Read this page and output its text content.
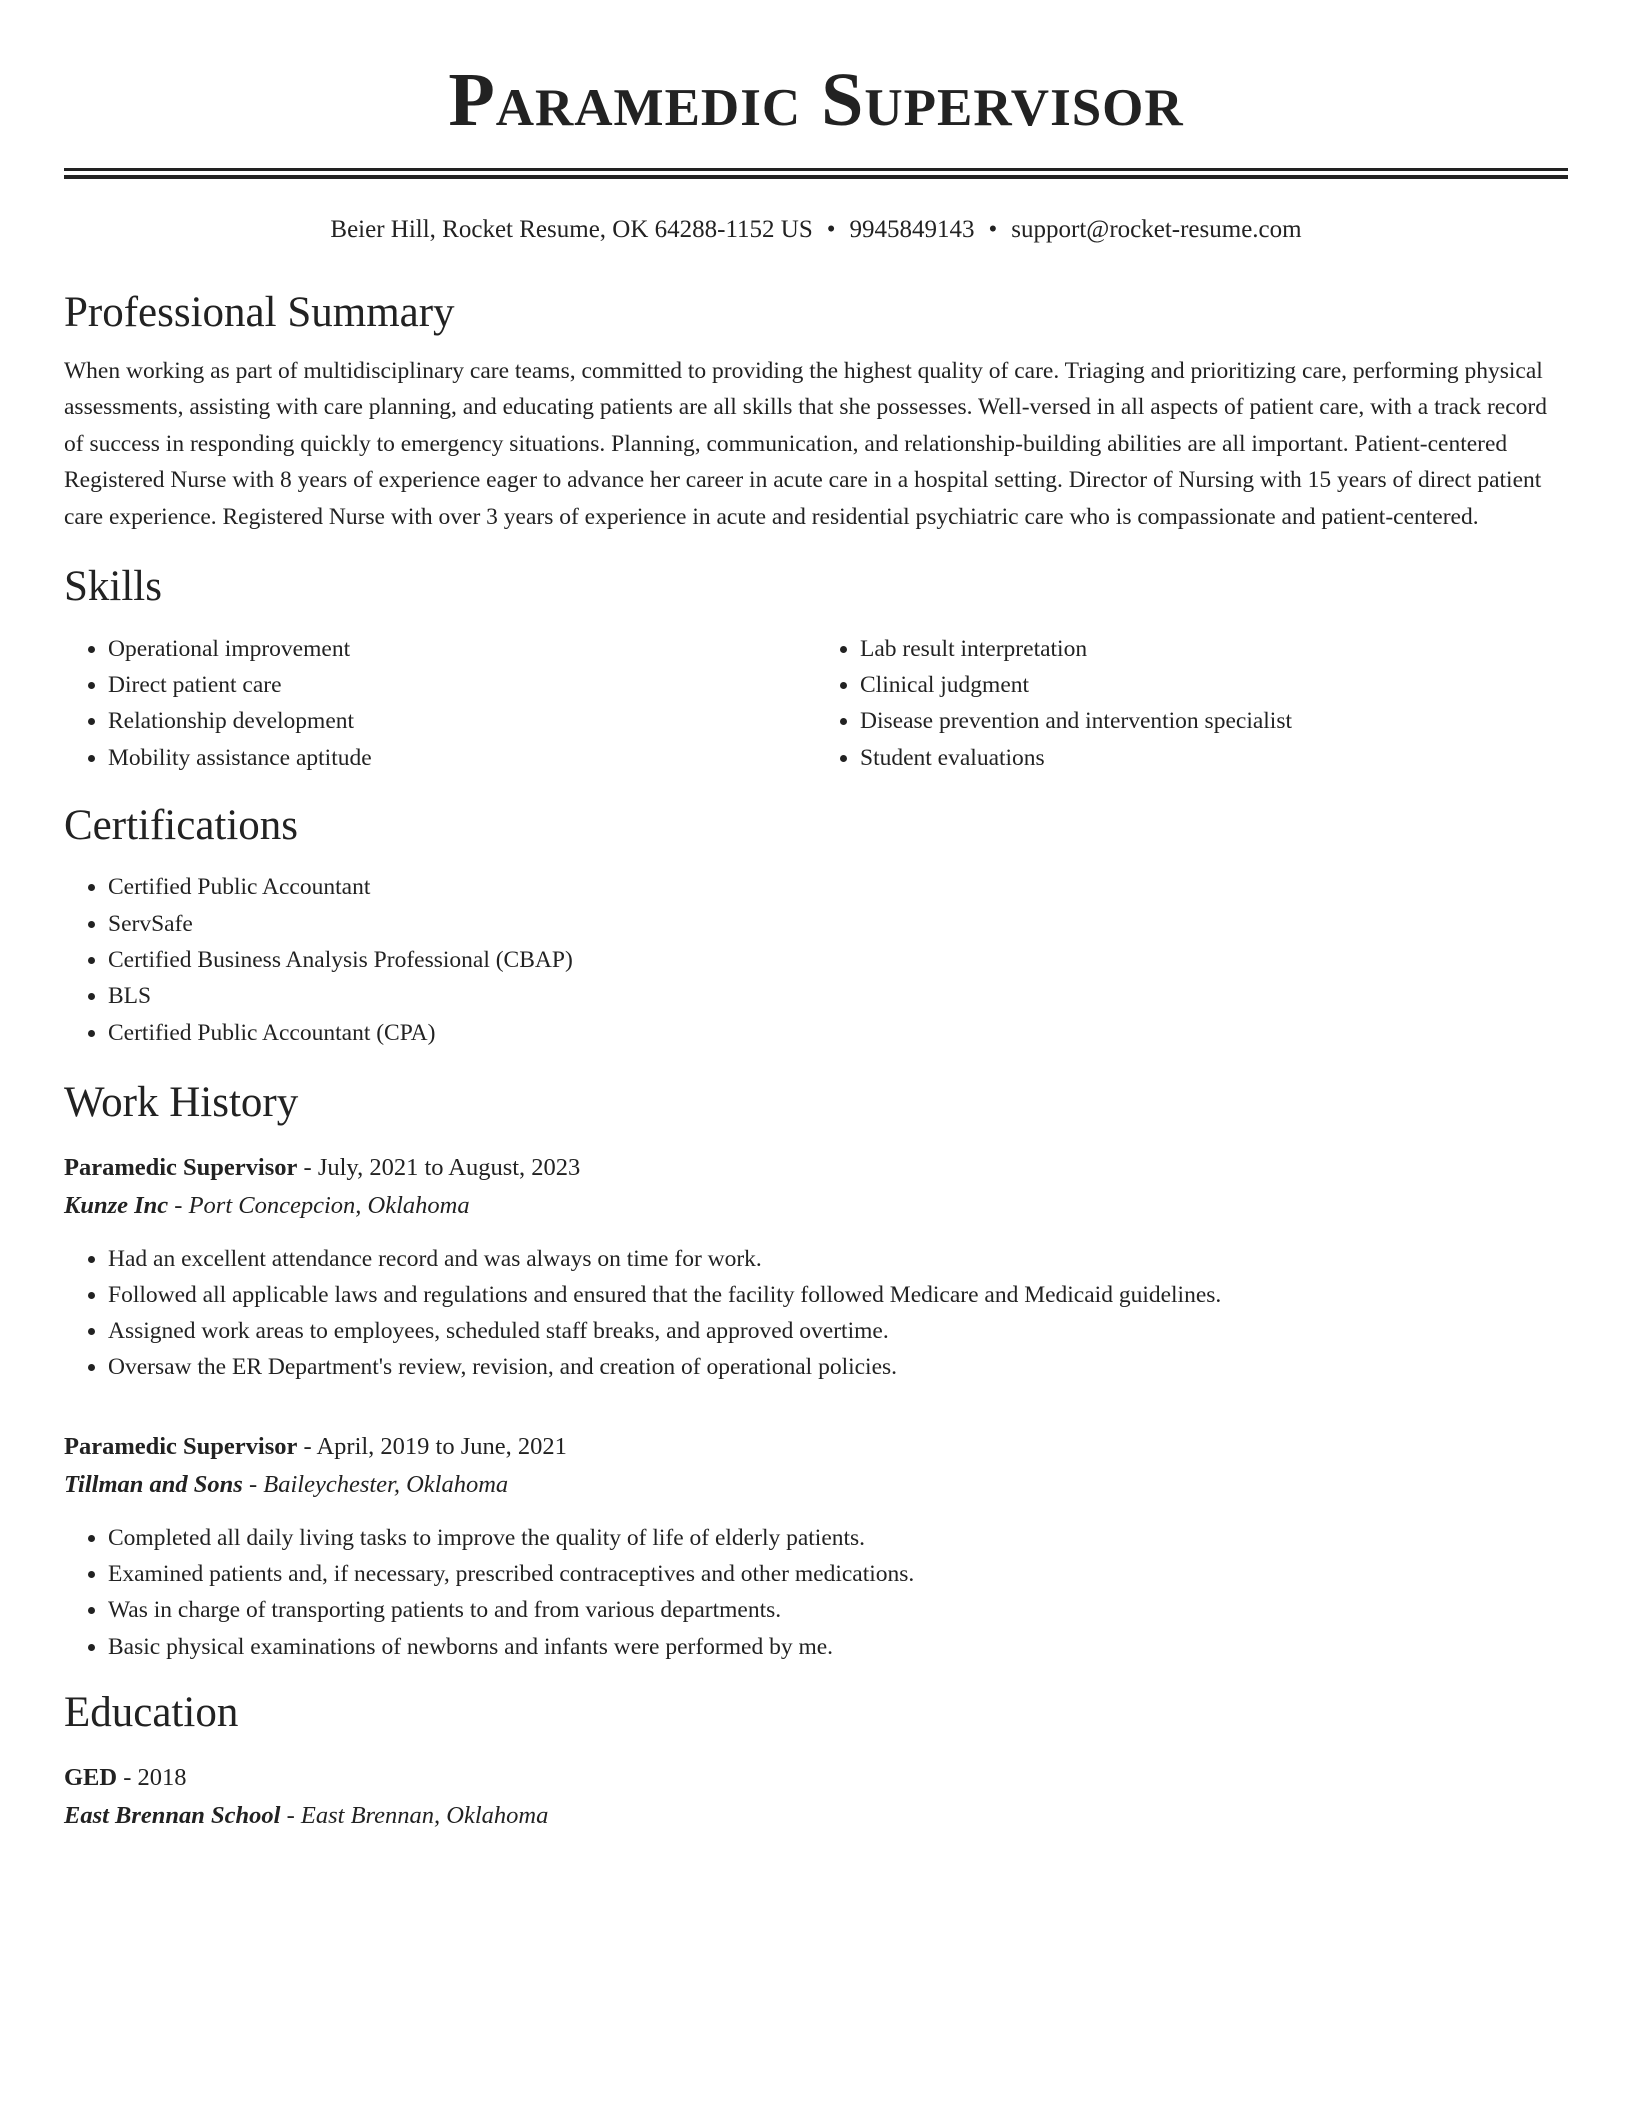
Paramedic Supervisor
Beier Hill, Rocket Resume, OK 64288-1152 US • 9945849143 • support@rocket-resume.com
Professional Summary

When working as part of multidisciplinary care teams, committed to providing the highest quality of care. Triaging and prioritizing care, performing physical assessments, assisting with care planning, and educating patients are all skills that she possesses. Well-versed in all aspects of patient care, with a track record of success in responding quickly to emergency situations. Planning, communication, and relationship-building abilities are all important. Patient-centered Registered Nurse with 8 years of experience eager to advance her career in acute care in a hospital setting. Director of Nursing with 15 years of direct patient care experience. Registered Nurse with over 3 years of experience in acute and residential psychiatric care who is compassionate and patient-centered.

Skills
• Operational improvement
• Direct patient care
• Relationship development
• Mobility assistance aptitude
• Lab result interpretation
• Clinical judgment
• Disease prevention and intervention specialist
• Student evaluations
Certifications
• Certified Public Accountant
• ServSafe
• Certified Business Analysis Professional (CBAP)
• BLS
• Certified Public Accountant (CPA)
Work History
Paramedic Supervisor - July, 2021 to August, 2023
Kunze Inc - Port Concepcion, Oklahoma
• Had an excellent attendance record and was always on time for work.
• Followed all applicable laws and regulations and ensured that the facility followed Medicare and Medicaid guidelines.
• Assigned work areas to employees, scheduled staff breaks, and approved overtime.
• Oversaw the ER Department's review, revision, and creation of operational policies.
Paramedic Supervisor - April, 2019 to June, 2021
Tillman and Sons - Baileychester, Oklahoma
• Completed all daily living tasks to improve the quality of life of elderly patients.
• Examined patients and, if necessary, prescribed contraceptives and other medications.
• Was in charge of transporting patients to and from various departments.
• Basic physical examinations of newborns and infants were performed by me.
Education
GED - 2018
East Brennan School - East Brennan, Oklahoma
